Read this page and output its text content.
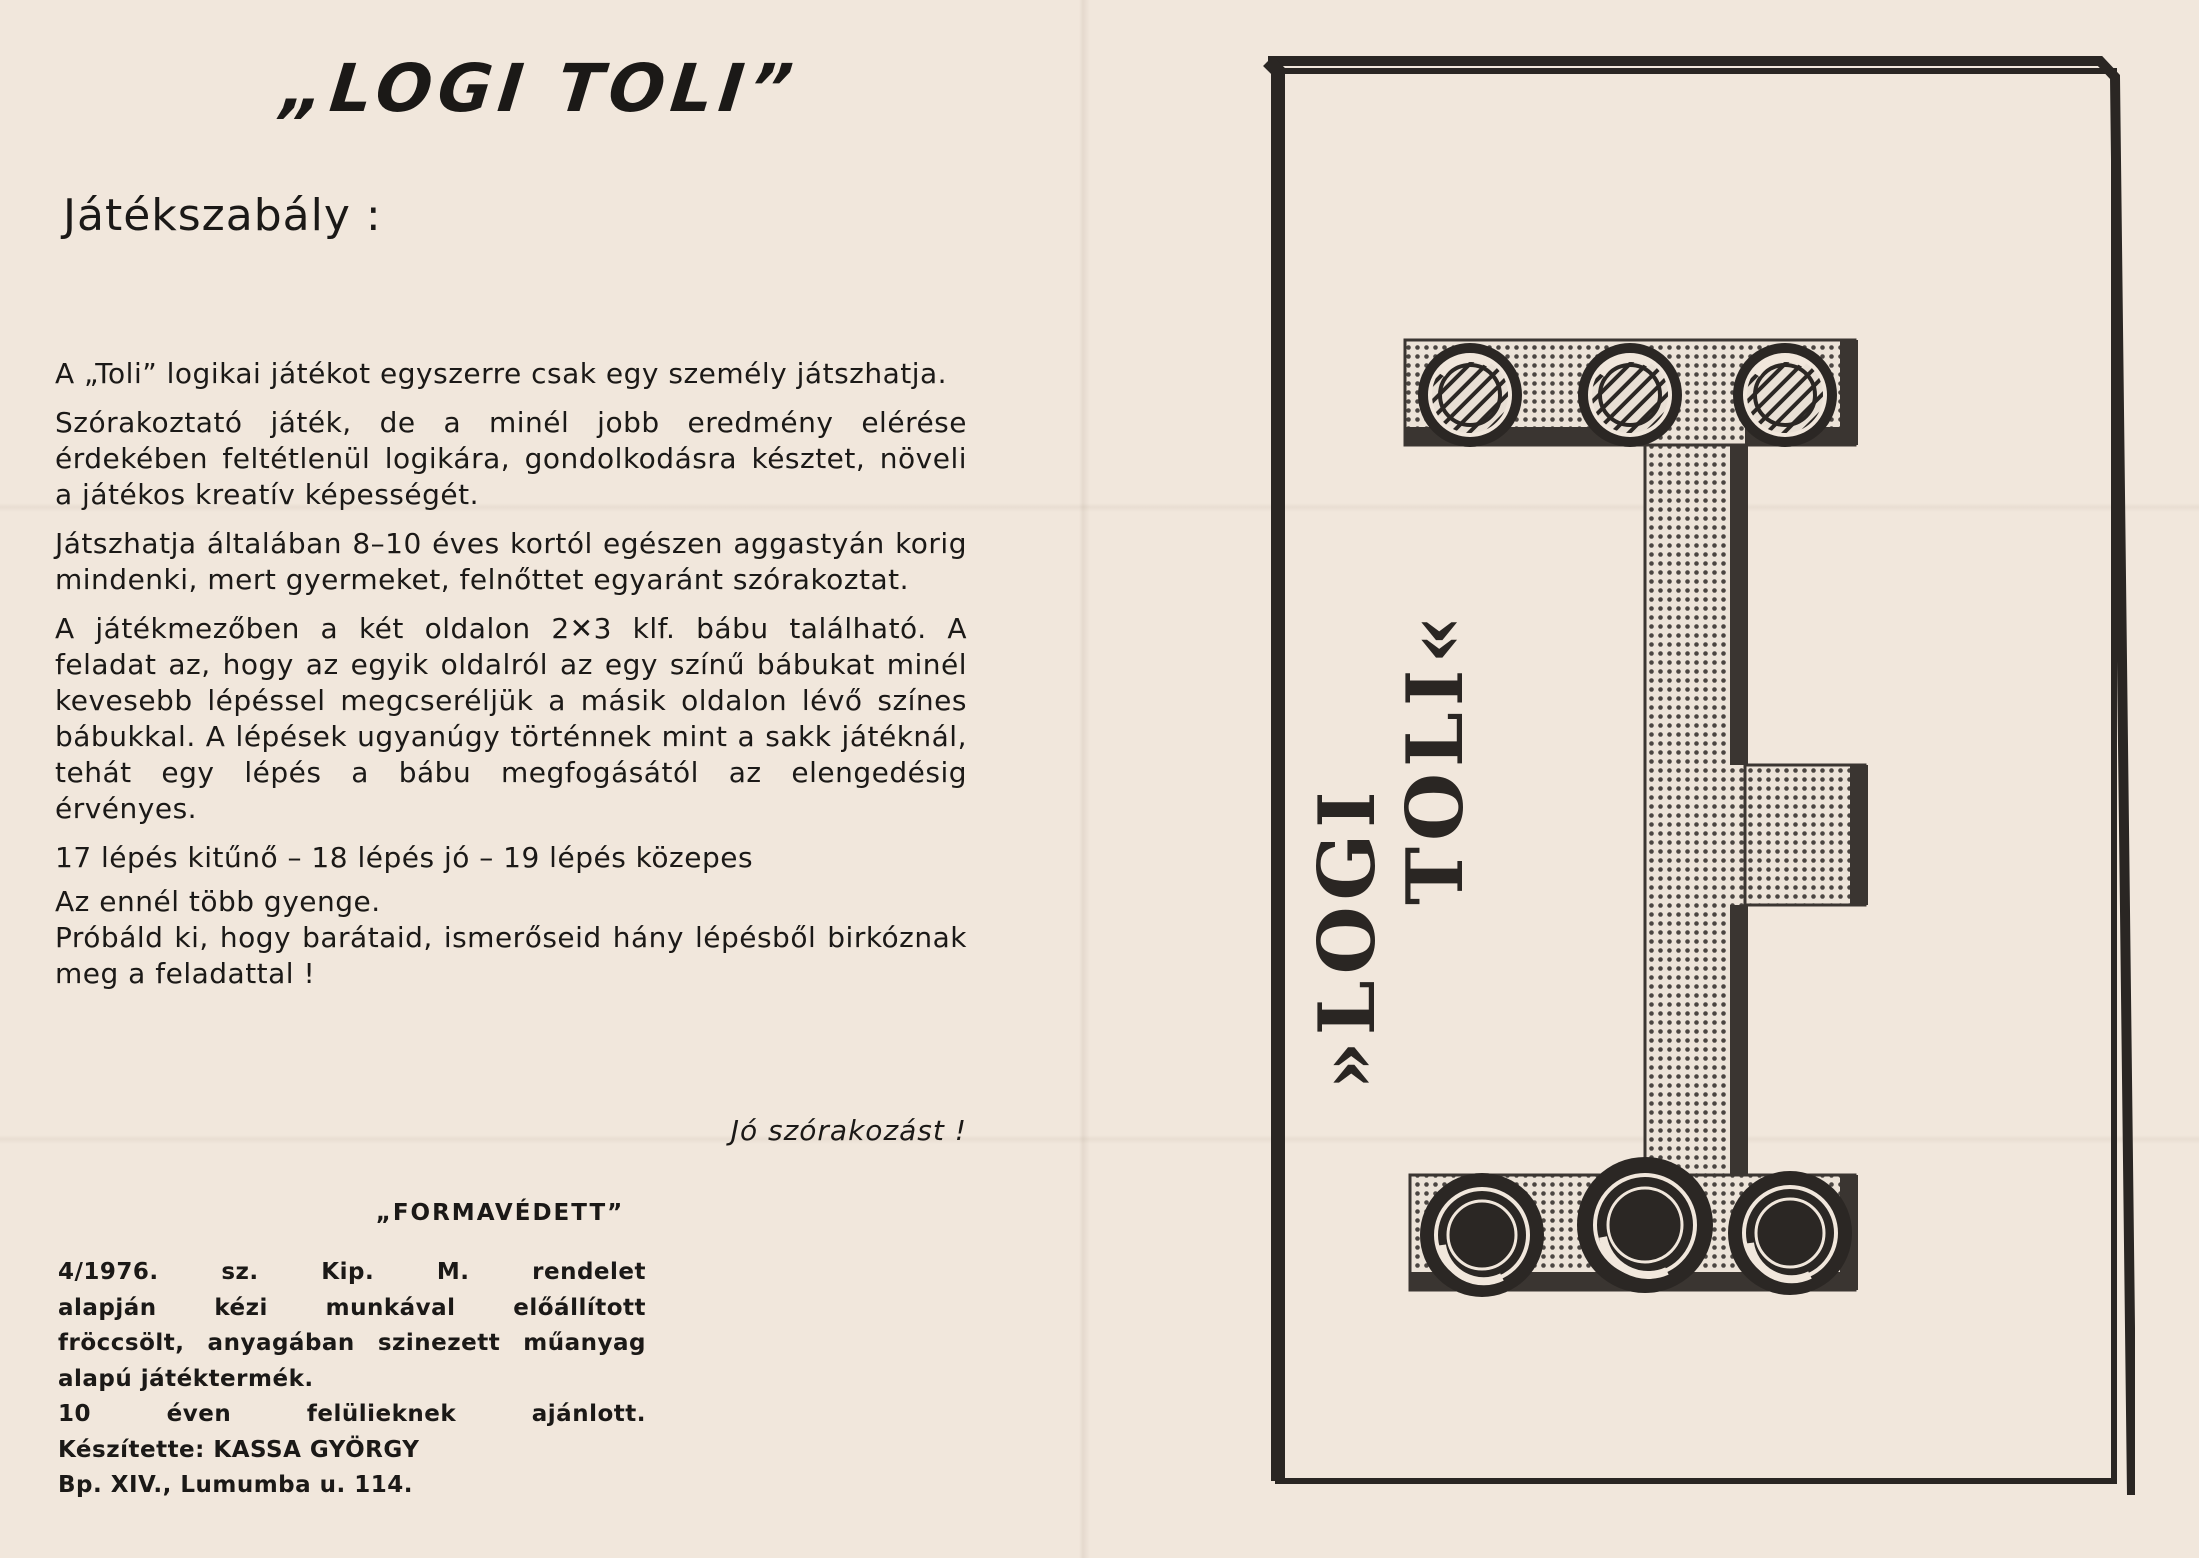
„LOGI TOLI”
Játékszabály :

A „Toli” logikai játékot egyszerre csak egy személy játszhatja.

Szórakoztató játék, de a minél jobb eredmény elérése érdekében feltétlenül logikára, gondolkodásra késztet, növeli a játékos kreatív képességét.

Játszhatja általában 8–10 éves kortól egészen aggastyán korig mindenki, mert gyermeket, felnőttet egyaránt szórakoztat.

A játékmezőben a két oldalon 2✕3 klf. bábu található. A feladat az, hogy az egyik oldalról az egy színű bábukat minél kevesebb lépéssel megcseréljük a másik oldalon lévő színes bábukkal. A lépések ugyanúgy történnek mint a sakk játéknál, tehát egy lépés a bábu megfogásától az elengedésig érvényes.

17 lépés kitűnő – 18 lépés jó – 19 lépés közepes

Az ennél több gyenge.

Próbáld ki, hogy barátaid, ismerőseid hány lépésből birkóznak meg a feladattal !

Jó szórakozást !
„FORMAVÉDETT”
4/1976. sz. Kip. M. rendelet
alapján kézi munkával előállított
fröccsölt, anyagában szinezett műanyag
alapú játéktermék.
10 éven felülieknek ajánlott.
Készítette: KASSA GYÖRGY
Bp. XIV., Lumumba u. 114.
»LOGI
TOLI«
